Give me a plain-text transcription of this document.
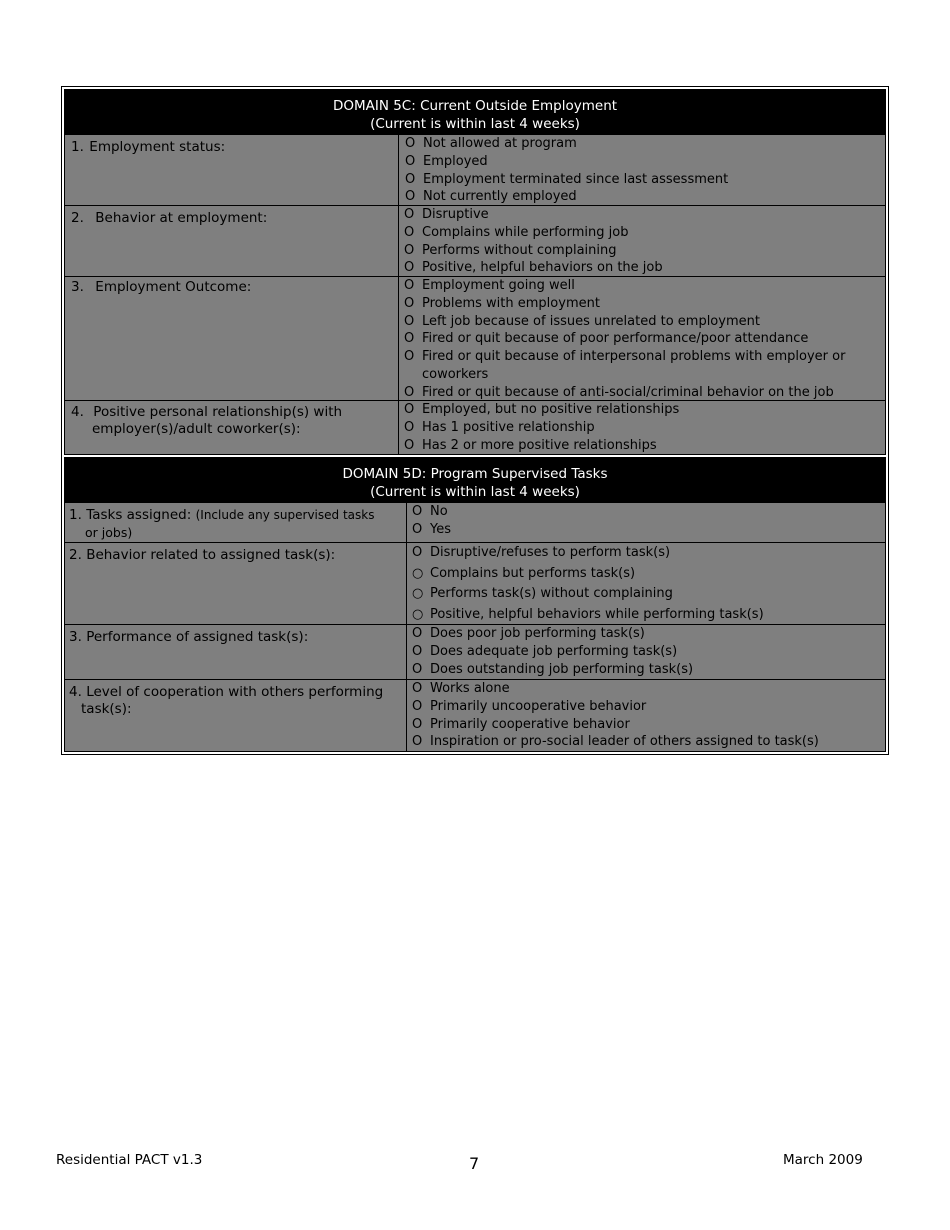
DOMAIN 5C: Current Outside Employment
(Current is within last 4 weeks)
1. Employment status:	O Not allowed at program
O Employed
O Employment terminated since last assessment
O Not currently employed
2. Behavior at employment:	O Disruptive
O Complains while performing job
O Performs without complaining
O Positive, helpful behaviors on the job
3. Employment Outcome:	O Employment going well
O Problems with employment
O Left job because of issues unrelated to employment
O Fired or quit because of poor performance/poor attendance
O Fired or quit because of interpersonal problems with employer or
coworkers
O Fired or quit because of anti-social/criminal behavior on the job
4. Positive personal relationship(s) with
employer(s)/adult coworker(s):
O Employed, but no positive relationships
O Has 1 positive relationship
O Has 2 or more positive relationships
DOMAIN 5D: Program Supervised Tasks
(Current is within last 4 weeks)
1. Tasks assigned: (Include any supervised tasks
or jobs)
O No
O Yes
2. Behavior related to assigned task(s):	O Disruptive/refuses to perform task(s)
○ Complains but performs task(s)
○ Performs task(s) without complaining
○ Positive, helpful behaviors while performing task(s)
3. Performance of assigned task(s):	O Does poor job performing task(s)
O Does adequate job performing task(s)
O Does outstanding job performing task(s)
4. Level of cooperation with others performing
task(s):
O Works alone
O Primarily uncooperative behavior
O Primarily cooperative behavior
O Inspiration or pro-social leader of others assigned to task(s)
Residential PACT v1.3	7	March 2009
